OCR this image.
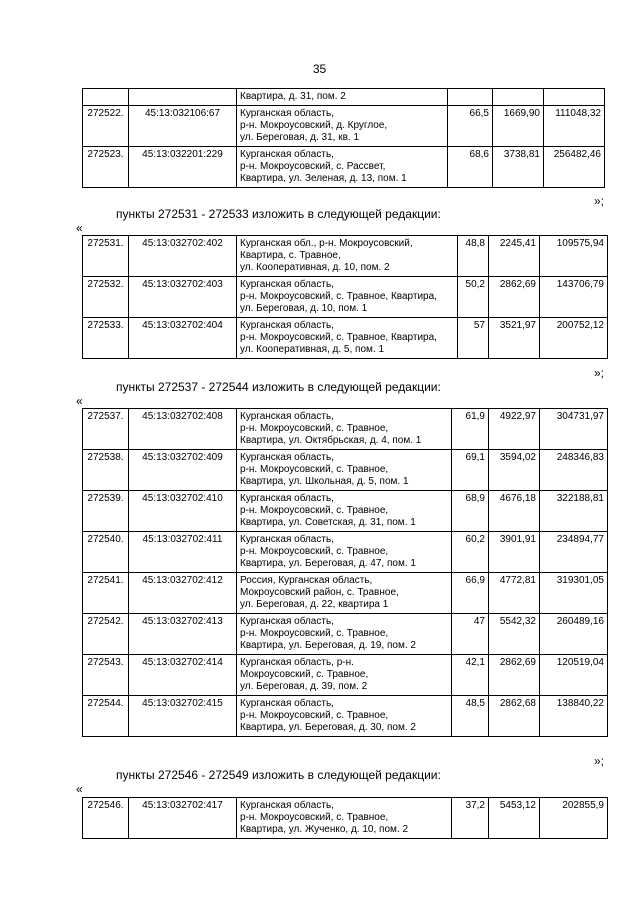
35
		Квартира, д. 31, пом. 2			
272522.	45:13:032106:67	Курганская область,
р-н. Мокроусовский, д. Круглое,
ул. Береговая, д. 31, кв. 1	66,5	1669,90	111048,32
272523.	45:13:032201:229	Курганская область,
р-н. Мокроусовский, с. Рассвет,
Квартира, ул. Зеленая, д. 13, пом. 1	68,6	3738,81	256482,46
»;
пункты 272531 - 272533 изложить в следующей редакции:
«
272531.	45:13:032702:402	Курганская обл., р-н. Мокроусовский,
Квартира, с. Травное,
ул. Кооперативная, д. 10, пом. 2	48,8	2245,41	109575,94
272532.	45:13:032702:403	Курганская область,
р-н. Мокроусовский, с. Травное, Квартира,
ул. Береговая, д. 10, пом. 1	50,2	2862,69	143706,79
272533.	45:13:032702:404	Курганская область,
р-н. Мокроусовский, с. Травное, Квартира,
ул. Кооперативная, д. 5, пом. 1	57	3521,97	200752,12
»;
пункты 272537 - 272544 изложить в следующей редакции:
«
272537.	45:13:032702:408	Курганская область,
р-н. Мокроусовский, с. Травное,
Квартира, ул. Октябрьская, д. 4, пом. 1	61,9	4922,97	304731,97
272538.	45:13:032702:409	Курганская область,
р-н. Мокроусовский, с. Травное,
Квартира, ул. Школьная, д. 5, пом. 1	69,1	3594,02	248346,83
272539.	45:13:032702:410	Курганская область,
р-н. Мокроусовский, с. Травное,
Квартира, ул. Советская, д. 31, пом. 1	68,9	4676,18	322188,81
272540.	45:13:032702:411	Курганская область,
р-н. Мокроусовский, с. Травное,
Квартира, ул. Береговая, д. 47, пом. 1	60,2	3901,91	234894,77
272541.	45:13:032702:412	Россия, Курганская область,
Мокроусовский район, с. Травное,
ул. Береговая, д. 22, квартира 1	66,9	4772,81	319301,05
272542.	45:13:032702:413	Курганская область,
р-н. Мокроусовский, с. Травное,
Квартира, ул. Береговая, д. 19, пом. 2	47	5542,32	260489,16
272543.	45:13:032702:414	Курганская область, р-н.
Мокроусовский, с. Травное,
ул. Береговая, д. 39, пом. 2	42,1	2862,69	120519,04
272544.	45:13:032702:415	Курганская область,
р-н. Мокроусовский, с. Травное,
Квартира, ул. Береговая, д. 30, пом. 2	48,5	2862,68	138840,22
»;
пункты 272546 - 272549 изложить в следующей редакции:
«
272546.	45:13:032702:417	Курганская область,
р-н. Мокроусовский, с. Травное,
Квартира, ул. Жученко, д. 10, пом. 2	37,2	5453,12	202855,9
